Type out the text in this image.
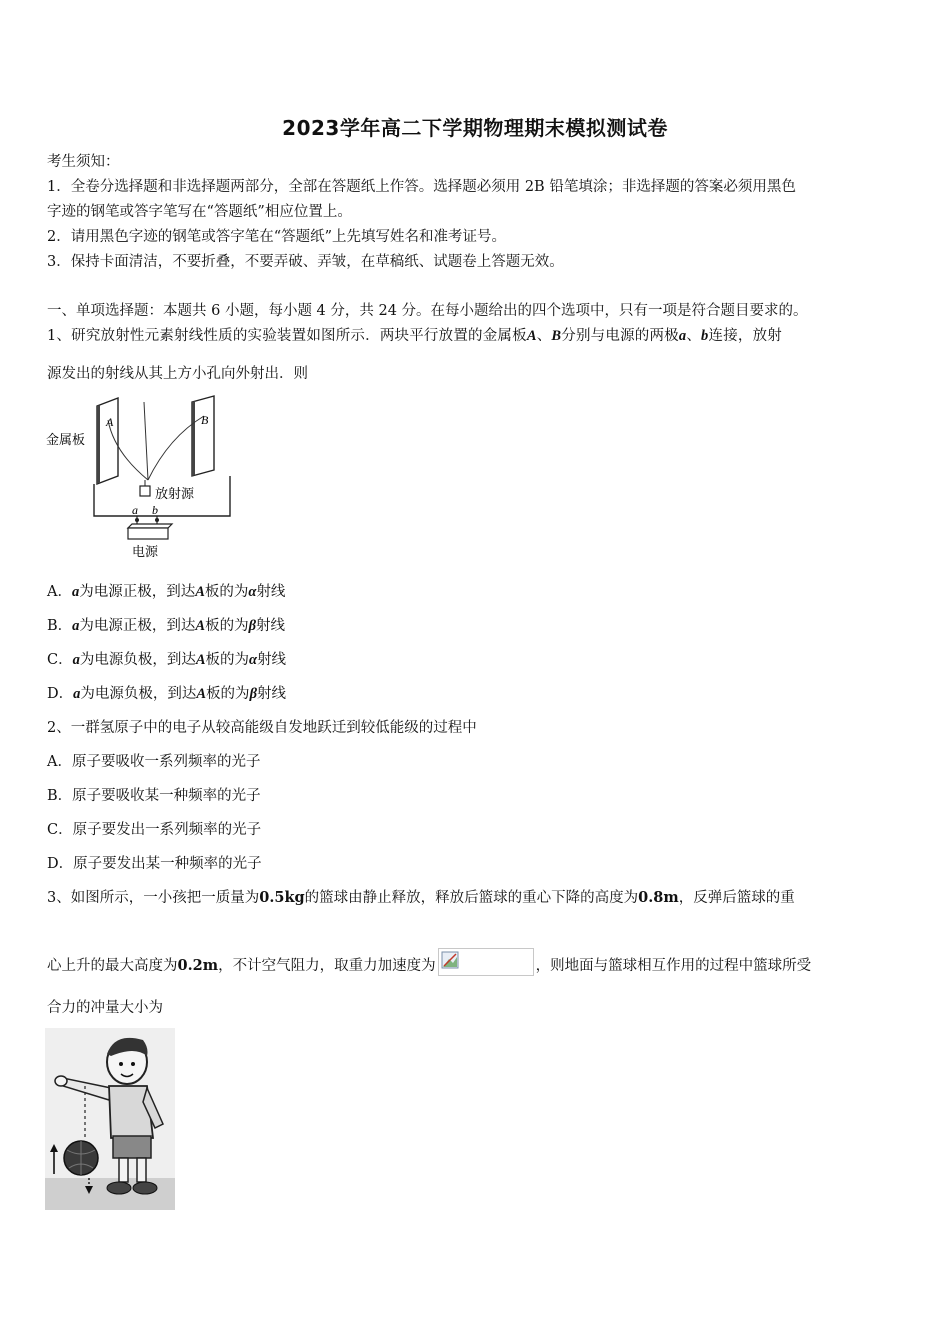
2023学年高二下学期物理期末模拟测试卷
考生须知：
1．全卷分选择题和非选择题两部分，全部在答题纸上作答。选择题必须用 2B 铅笔填涂；非选择题的答案必须用黑色
字迹的钢笔或答字笔写在“答题纸”相应位置上。
2．请用黑色字迹的钢笔或答字笔在“答题纸”上先填写姓名和准考证号。
3．保持卡面清洁，不要折叠，不要弄破、弄皱，在草稿纸、试题卷上答题无效。
一、单项选择题：本题共 6 小题，每小题 4 分，共 24 分。在每小题给出的四个选项中，只有一项是符合题目要求的。
1、研究放射性元素射线性质的实验装置如图所示．两块平行放置的金属板A、B分别与电源的两极a、b连接，放射
源发出的射线从其上方小孔向外射出．则
金属板
A	B
放射源
a b
电源
A．a为电源正极，到达A板的为α射线
B．a为电源正极，到达A板的为β射线
C．a为电源负极，到达A板的为α射线
D．a为电源负极，到达A板的为β射线
2、一群氢原子中的电子从较高能级自发地跃迁到较低能级的过程中
A．原子要吸收一系列频率的光子
B．原子要吸收某一种频率的光子
C．原子要发出一系列频率的光子
D．原子要发出某一种频率的光子
3、如图所示，一小孩把一质量为0.5kg的篮球由静止释放，释放后篮球的重心下降的高度为0.8m，反弹后篮球的重
心上升的最大高度为0.2m，不计空气阻力，取重力加速度为	，则地面与篮球相互作用的过程中篮球所受
合力的冲量大小为
